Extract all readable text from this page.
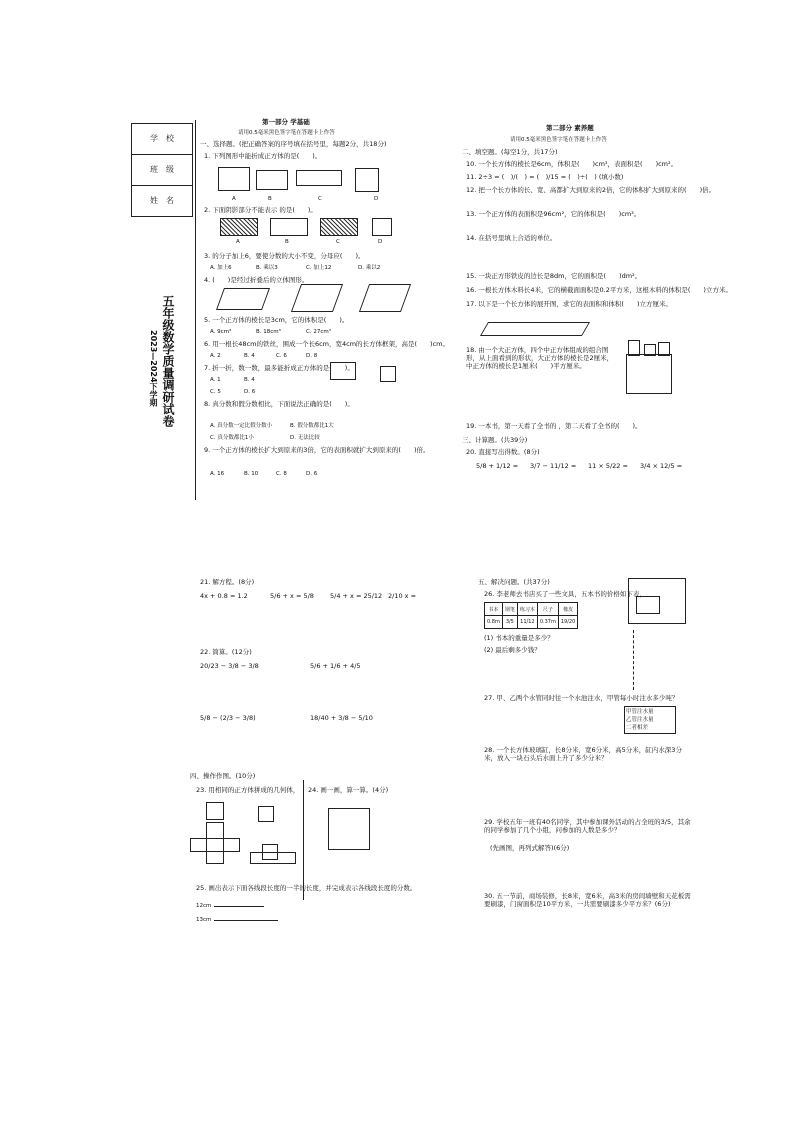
学　校
班　级
姓　名
2023—2024下学期 五年级数学质量调研试卷
第一部分 学基础
请用0.5毫米黑色签字笔在答题卡上作答
一、选择题。(把正确答案的序号填在括号里，每题2分，共18分)
1. 下列图形中能折成正方体的是(　　)。
A	B	C	D
2. 下面阴影部分不能表示 的是(　　)。
A	B	C	D
3. 的分子加上6，要使分数的大小不变，分母应(　　)。
A. 加上6	B. 乘以3	C. 加上12	D. 乘以2
4. (　　)是经过折叠后的立体图形。
5. 一个正方体的棱长是3cm，它的体积是(　　)。
A. 9cm³	B. 18cm³	C. 27cm³
6. 用一根长48cm的铁丝，围成一个长6cm，宽4cm的长方体框架，高是(　　)cm。
A. 2	B. 4	C. 6	D. 8
7. 折一折，数一数，最多能折成正方体的是(　　)。
A. 1	B. 4
C. 5	D. 6
8. 真分数和假分数相比，下面说法正确的是(　　)。
A. 真分数一定比假分数小	B. 假分数都比1大
C. 真分数都比1小	D. 无法比较
9. 一个正方体的棱长扩大到原来的3倍，它的表面积就扩大到原来的(　　)倍。
A. 16	B. 10	C. 8	D. 6
第二部分 素养题
请用0.5毫米黑色签字笔在答题卡上作答
二、填空题。(每空1分，共17分)
10. 一个长方体的棱长是6cm，体积是(　　)cm³，表面积是(　　)cm²。
11. 2÷3 = (　)/(　) = (　)/15 = (　)÷(　) (填小数)
12. 把一个长方体的长、宽、高都扩大到原来的2倍，它的体积扩大到原来的(　　)倍。
13. 一个正方体的表面积是96cm²，它的体积是(　　)cm³。
14. 在括号里填上合适的单位。
15. 一块正方形铁皮的边长是8dm，它的面积是(　　)dm²。
16. 一根长方体木料长4米，它的横截面面积是0.2平方米，这根木料的体积是(　　)立方米。
17. 以下是一个长方体的展开图，求它的表面积和体积(　　)立方厘米。
18. 由一个大正方体，四个中正方体组成的组合图形，从上面看到的形状，大正方体的棱长是2厘米，中正方体的棱长是1厘米(　　)平方厘米。
19. 一本书，第一天看了全书的 ，第二天看了全书的(　　)。
三、计算题。(共39分)
20. 直接写出得数。(8分)
5/8 + 1/12 = 3/7 − 11/12 = 11 × 5/22 = 3/4 × 12/5 =
21. 解方程。(8分)
4x + 0.8 = 1.2	5/6 + x = 5/8 5/4 + x = 25/12 2/10 x =
22. 简算。(12分)
20/23 − 3/8 − 3/8	5/6 + 1/6 + 4/5
5/8 − (2/3 − 3/8)	18/40 + 3/8 − 5/10
四、操作作图。(10分)
23. 用相同的正方体拼成的几何体， 24. 画一画，算一算。(4分)
25. 画出表示下面各线段长度的一半的长度，并完成表示各线段长度的分数。
12cm
13cm
五、解决问题。(共37分)
26. 李老师去书店买了一些文具，五本书的价格如下表，
书本	钢笔	练习本	尺子	橡皮
0.8m	3/5	11/12	0.37m	19/20
(1) 书本的重量是多少？
(2) 最后剩多少钱？
27. 甲、乙两个水管同时往一个水池注水，甲管每小时注水多少吨？
甲管注水量
乙管注水量
二者相差
28. 一个长方体玻璃缸，长8分米，宽6分米，高5分米，缸内水深3分米，放入一块石头后水面上升了多少分米？
29. 学校五年一班有40名同学，其中参加课外活动的占全班的3/5，其余的同学参加了几个小组，问参加的人数是多少？
(先画图，再列式解答)(6分)
30. 五一节前，商场装修，长8米，宽6米，高3米的房间墙壁和天花板需要刷漆，门窗面积是10平方米，一共需要刷漆多少平方米？(6分)
